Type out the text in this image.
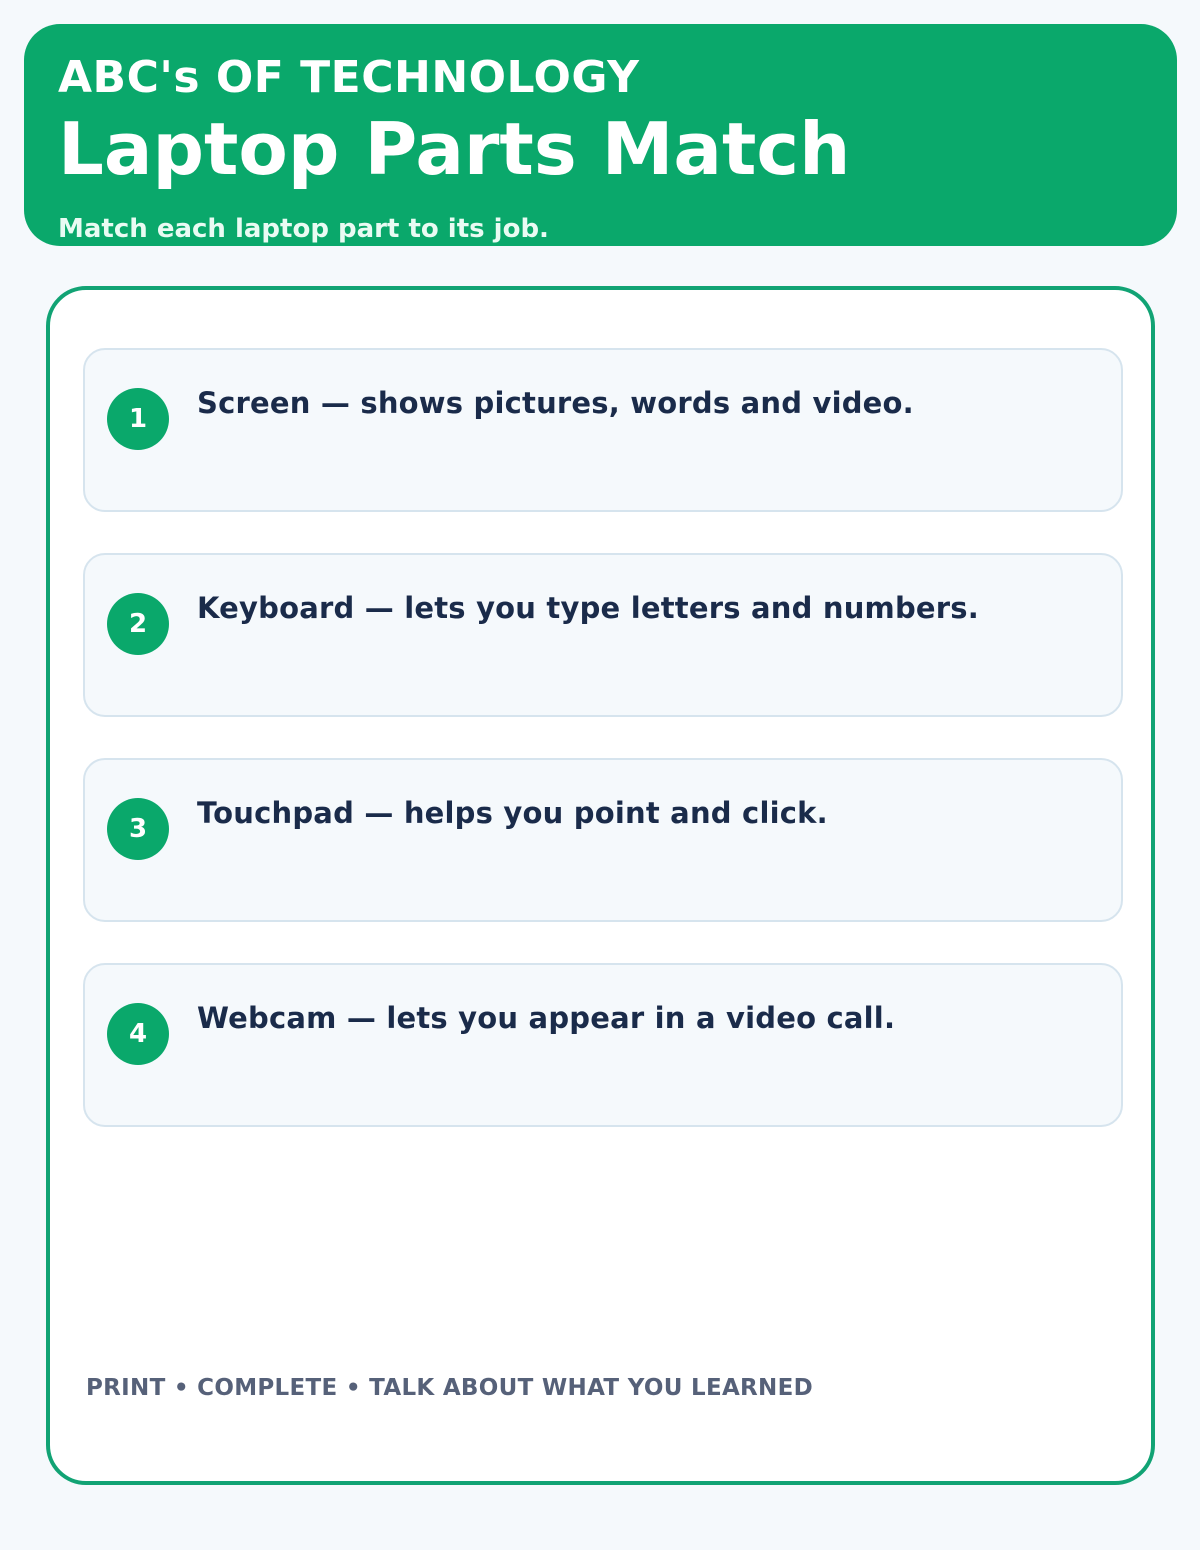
ABC's OF TECHNOLOGY
Laptop Parts Match
Match each laptop part to its job.
1	Screen — shows pictures, words and video.
2	Keyboard — lets you type letters and numbers.
3	Touchpad — helps you point and click.
4	Webcam — lets you appear in a video call.
PRINT • COMPLETE • TALK ABOUT WHAT YOU LEARNED
